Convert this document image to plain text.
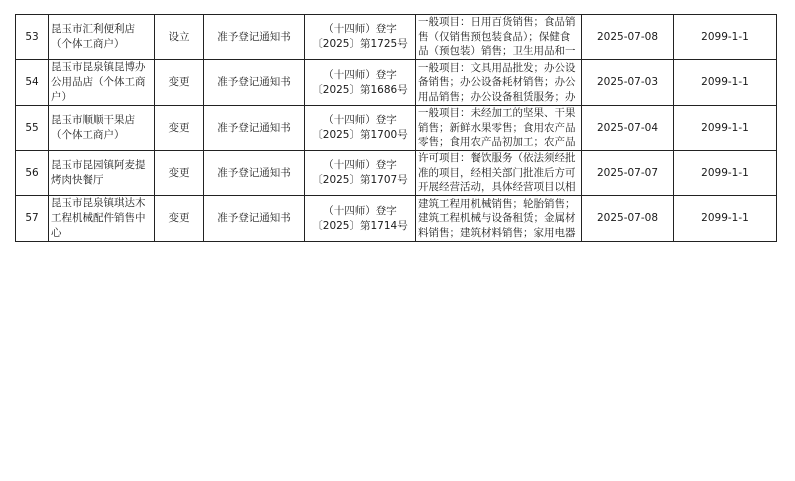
53	昆玉市汇利便利店（个体工商户）	设立	准予登记通知书	（十四师）登字〔2025〕第1725号	一般项目：日用百货销售；食品销售（仅销售预包装食品）；保健食品（预包装）销售；卫生用品和一	2025-07-08	2099-1-1
54	昆玉市昆泉镇昆博办公用品店（个体工商户）	变更	准予登记通知书	（十四师）登字〔2025〕第1686号	一般项目：文具用品批发；办公设备销售；办公设备耗材销售；办公用品销售；办公设备租赁服务；办	2025-07-03	2099-1-1
55	昆玉市顺顺干果店（个体工商户）	变更	准予登记通知书	（十四师）登字〔2025〕第1700号	一般项目：未经加工的坚果、干果销售；新鲜水果零售；食用农产品零售；食用农产品初加工；农产品	2025-07-04	2099-1-1
56	昆玉市昆园镇阿麦提烤肉快餐厅	变更	准予登记通知书	（十四师）登字〔2025〕第1707号	许可项目：餐饮服务（依法须经批准的项目，经相关部门批准后方可开展经营活动，具体经营项目以相	2025-07-07	2099-1-1
57	昆玉市昆泉镇琪达木工程机械配件销售中心	变更	准予登记通知书	（十四师）登字〔2025〕第1714号	建筑工程用机械销售；轮胎销售；建筑工程机械与设备租赁；金属材料销售；建筑材料销售；家用电器	2025-07-08	2099-1-1
